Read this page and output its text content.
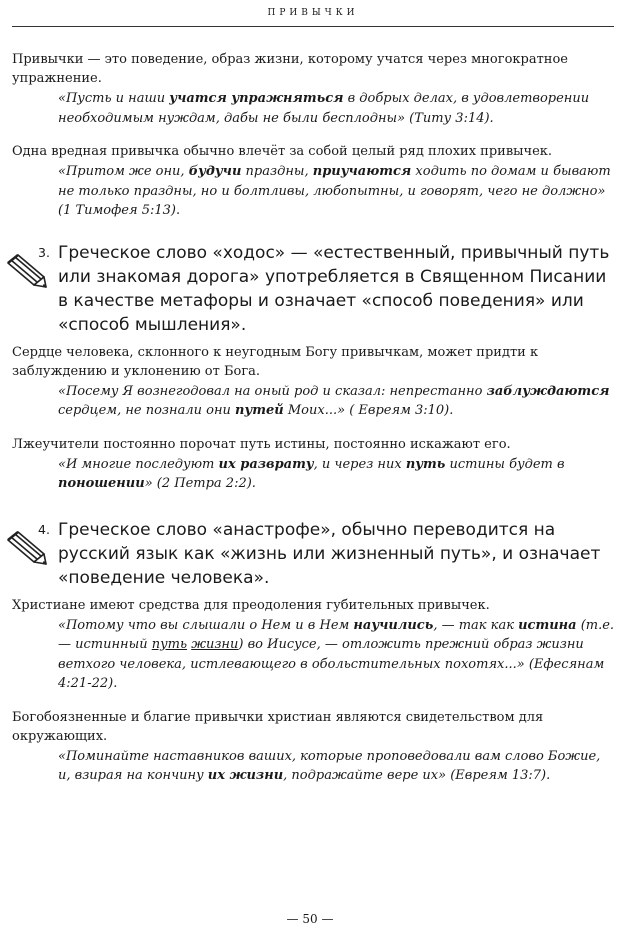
ПРИВЫЧКИ

Привычки — это поведение, образ жизни, которому учатся через многократное упражнение.

«Пусть и наши учатся упражняться в добрых делах, в удовлетворении необходимым нуждам, дабы не были бесплодны» (Титу 3:14).

Одна вредная привычка обычно влечёт за собой целый ряд плохих привычек.

«Притом же они, будучи праздны, приучаются ходить по домам и бывают не только праздны, но и болтливы, любопытны, и говорят, чего не должно» (1 Тимофея 5:13).

3. Греческое слово «ходос» — «естественный, привычный путь или знакомая дорога» употребляется в Священном Писании в качестве метафоры и означает «способ поведения» или «способ мышления».

Сердце человека, склонного к неугодным Богу привычкам, может придти к заблуждению и уклонению от Бога.

«Посему Я вознегодовал на оный род и сказал: непрестанно заблуждаются сердцем, не познали они путей Моих...» ( Евреям 3:10).

Лжеучители постоянно порочат путь истины, постоянно искажают его.

«И многие последуют их разврату, и через них путь истины будет в поношении» (2 Петра 2:2).

4. Греческое слово «анастрофе», обычно переводится на русский язык как «жизнь или жизненный путь», и означает «поведение человека».

Христиане имеют средства для преодоления губительных привычек.

«Потому что вы слышали о Нем и в Нем научились, — так как истина (т.е. — истинный путь жизни) во Иисусе, — отложить прежний образ жизни ветхого человека, истлевающего в обольстительных похотях...» (Ефесянам 4:21-22).

Богобоязненные и благие привычки христиан являются свидетельством для окружающих.

«Поминайте наставников ваших, которые проповедовали вам слово Божие, и, взирая на кончину их жизни, подражайте вере их» (Евреям 13:7).

— 50 —
